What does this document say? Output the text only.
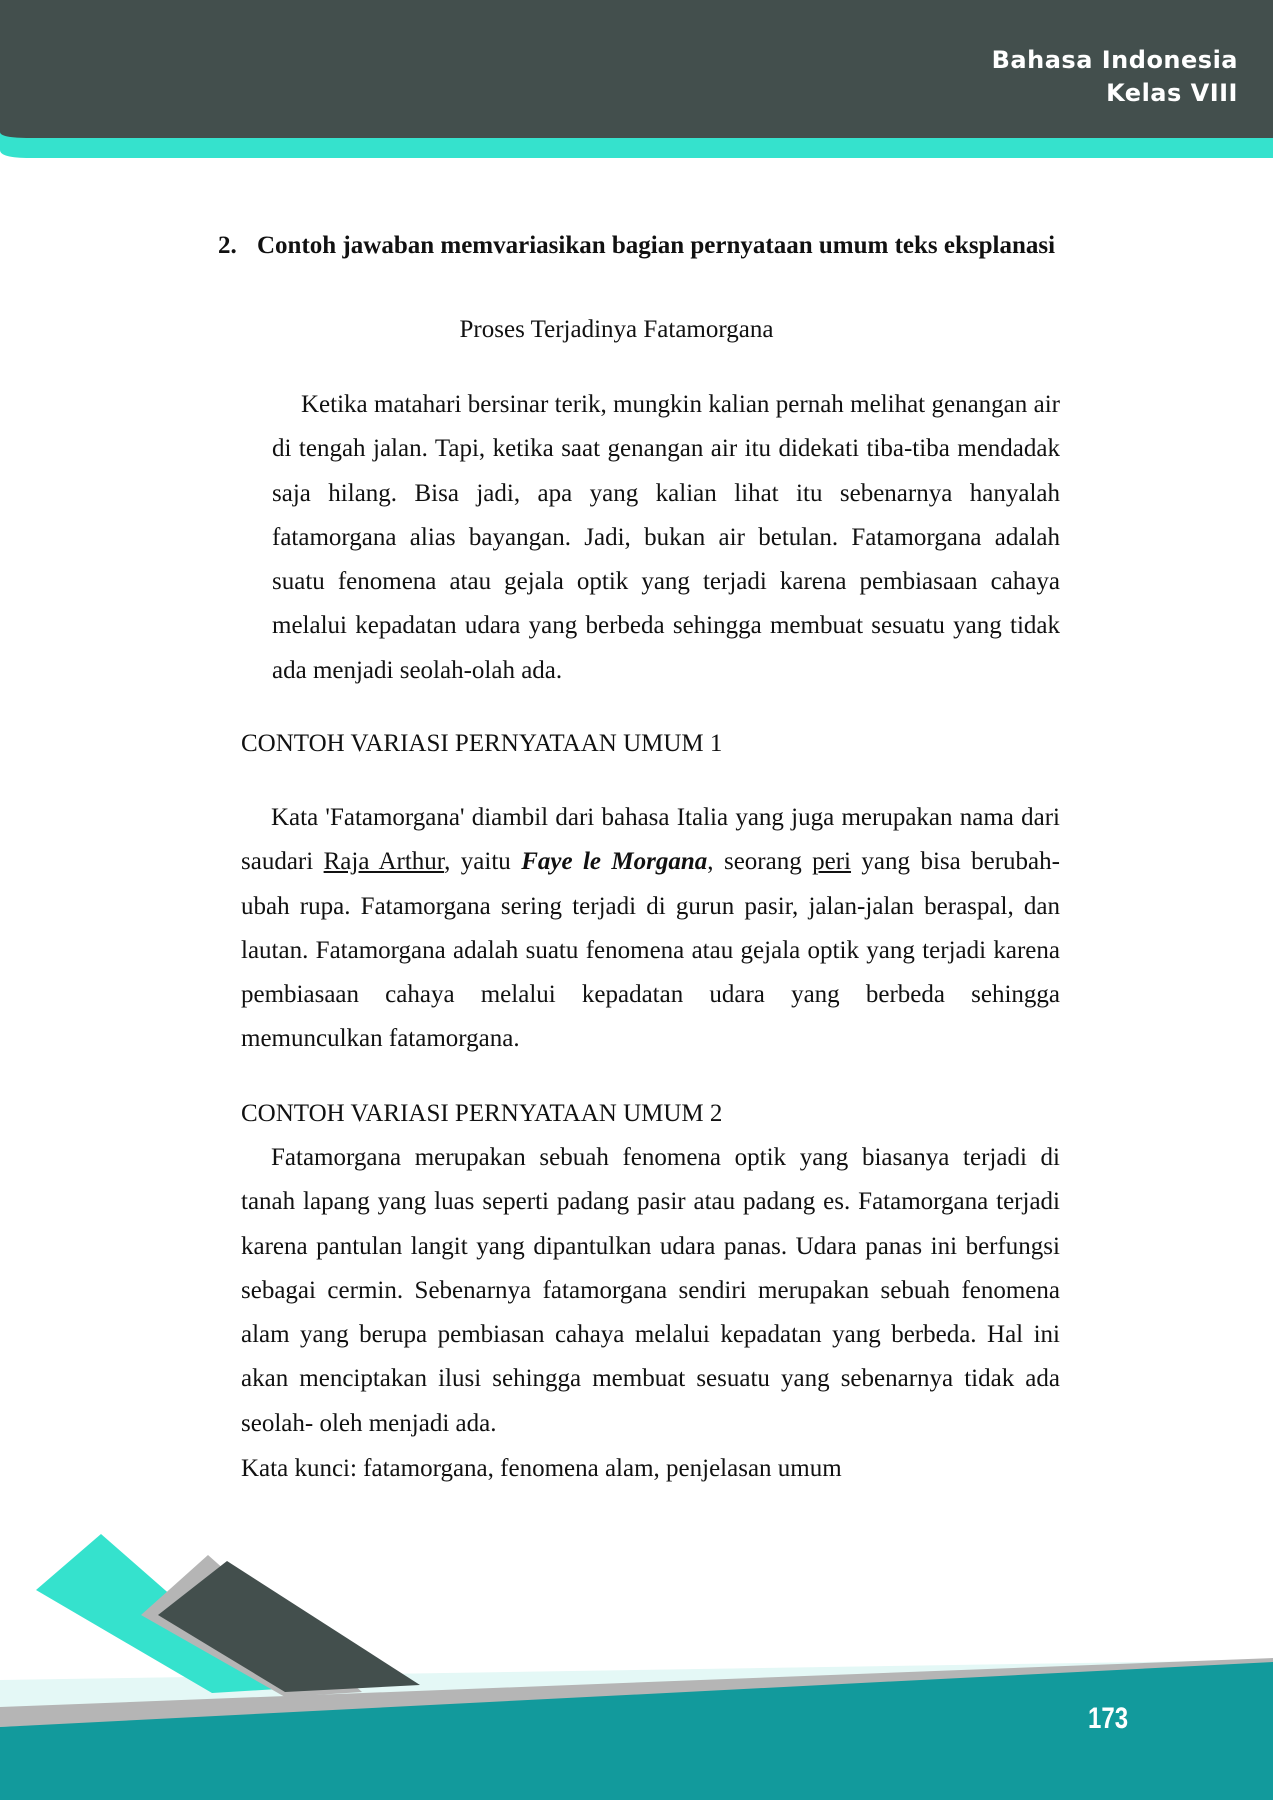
Bahasa Indonesia
Kelas VIII
2. Contoh jawaban memvariasikan bagian pernyataan umum teks eksplanasi
Proses Terjadinya Fatamorgana

Ketika matahari bersinar terik, mungkin kalian pernah melihat genangan air di tengah jalan. Tapi, ketika saat genangan air itu didekati tiba-tiba mendadak saja hilang. Bisa jadi, apa yang kalian lihat itu sebenarnya hanyalah fatamorgana alias bayangan. Jadi, bukan air betulan. Fatamorgana adalah suatu fenomena atau gejala optik yang terjadi karena pembiasaan cahaya melalui kepadatan udara yang berbeda sehingga membuat sesuatu yang tidak ada menjadi seolah-olah ada.

CONTOH VARIASI PERNYATAAN UMUM 1

Kata 'Fatamorgana' diambil dari bahasa Italia yang juga merupakan nama dari saudari Raja Arthur, yaitu Faye le Morgana, seorang peri yang bisa berubah-ubah rupa. Fatamorgana sering terjadi di gurun pasir, jalan-jalan beraspal, dan lautan. Fatamorgana adalah suatu fenomena atau gejala optik yang terjadi karena pembiasaan cahaya melalui kepadatan udara yang berbeda sehingga memunculkan fatamorgana.

CONTOH VARIASI PERNYATAAN UMUM 2

Fatamorgana merupakan sebuah fenomena optik yang biasanya terjadi di tanah lapang yang luas seperti padang pasir atau padang es. Fatamorgana terjadi karena pantulan langit yang dipantulkan udara panas. Udara panas ini berfungsi sebagai cermin. Sebenarnya fatamorgana sendiri merupakan sebuah fenomena alam yang berupa pembiasan cahaya melalui kepadatan yang berbeda. Hal ini akan menciptakan ilusi sehingga membuat sesuatu yang sebenarnya tidak ada seolah- oleh menjadi ada.

Kata kunci: fatamorgana, fenomena alam, penjelasan umum
173
